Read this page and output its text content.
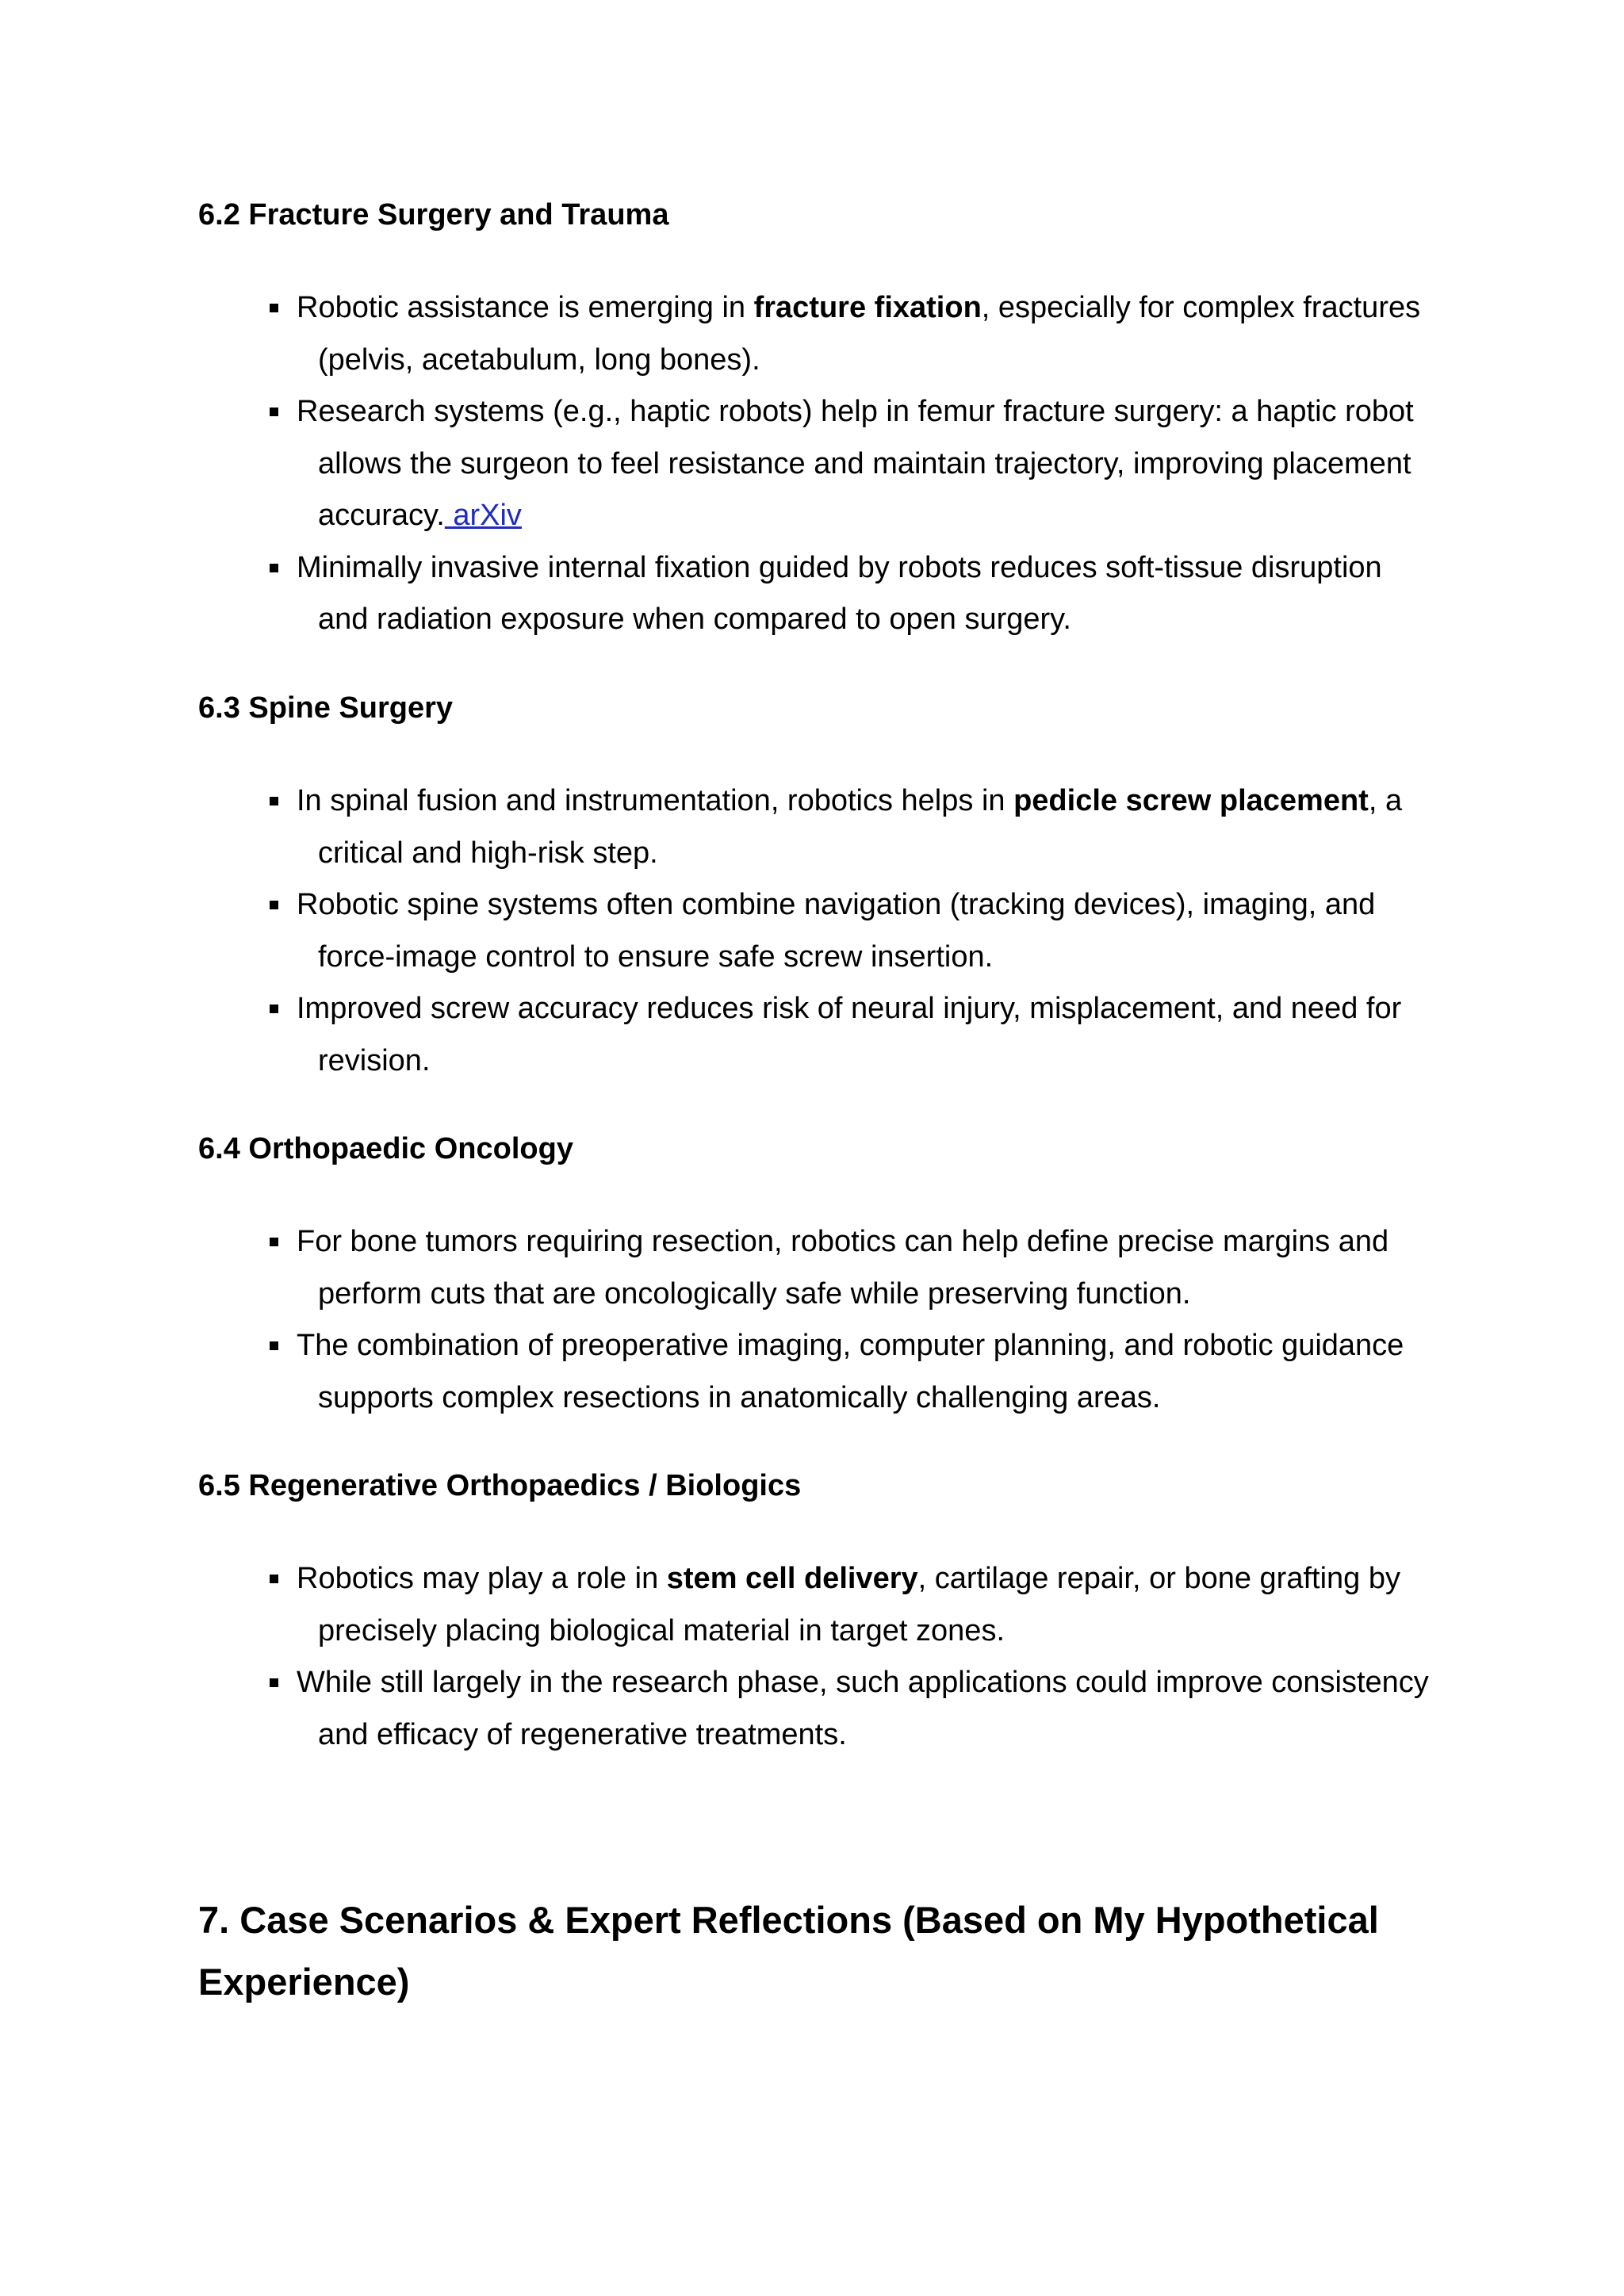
6.2 Fracture Surgery and Trauma
Robotic assistance is emerging in fracture fixation, especially for complex fractures
(pelvis, acetabulum, long bones).
Research systems (e.g., haptic robots) help in femur fracture surgery: a haptic robot
allows the surgeon to feel resistance and maintain trajectory, improving placement
accuracy. arXiv
Minimally invasive internal fixation guided by robots reduces soft-tissue disruption
and radiation exposure when compared to open surgery.
6.3 Spine Surgery
In spinal fusion and instrumentation, robotics helps in pedicle screw placement, a
critical and high-risk step.
Robotic spine systems often combine navigation (tracking devices), imaging, and
force-image control to ensure safe screw insertion.
Improved screw accuracy reduces risk of neural injury, misplacement, and need for
revision.
6.4 Orthopaedic Oncology
For bone tumors requiring resection, robotics can help define precise margins and
perform cuts that are oncologically safe while preserving function.
The combination of preoperative imaging, computer planning, and robotic guidance
supports complex resections in anatomically challenging areas.
6.5 Regenerative Orthopaedics / Biologics
Robotics may play a role in stem cell delivery, cartilage repair, or bone grafting by
precisely placing biological material in target zones.
While still largely in the research phase, such applications could improve consistency
and efficacy of regenerative treatments.
7. Case Scenarios & Expert Reflections (Based on My Hypothetical
Experience)
